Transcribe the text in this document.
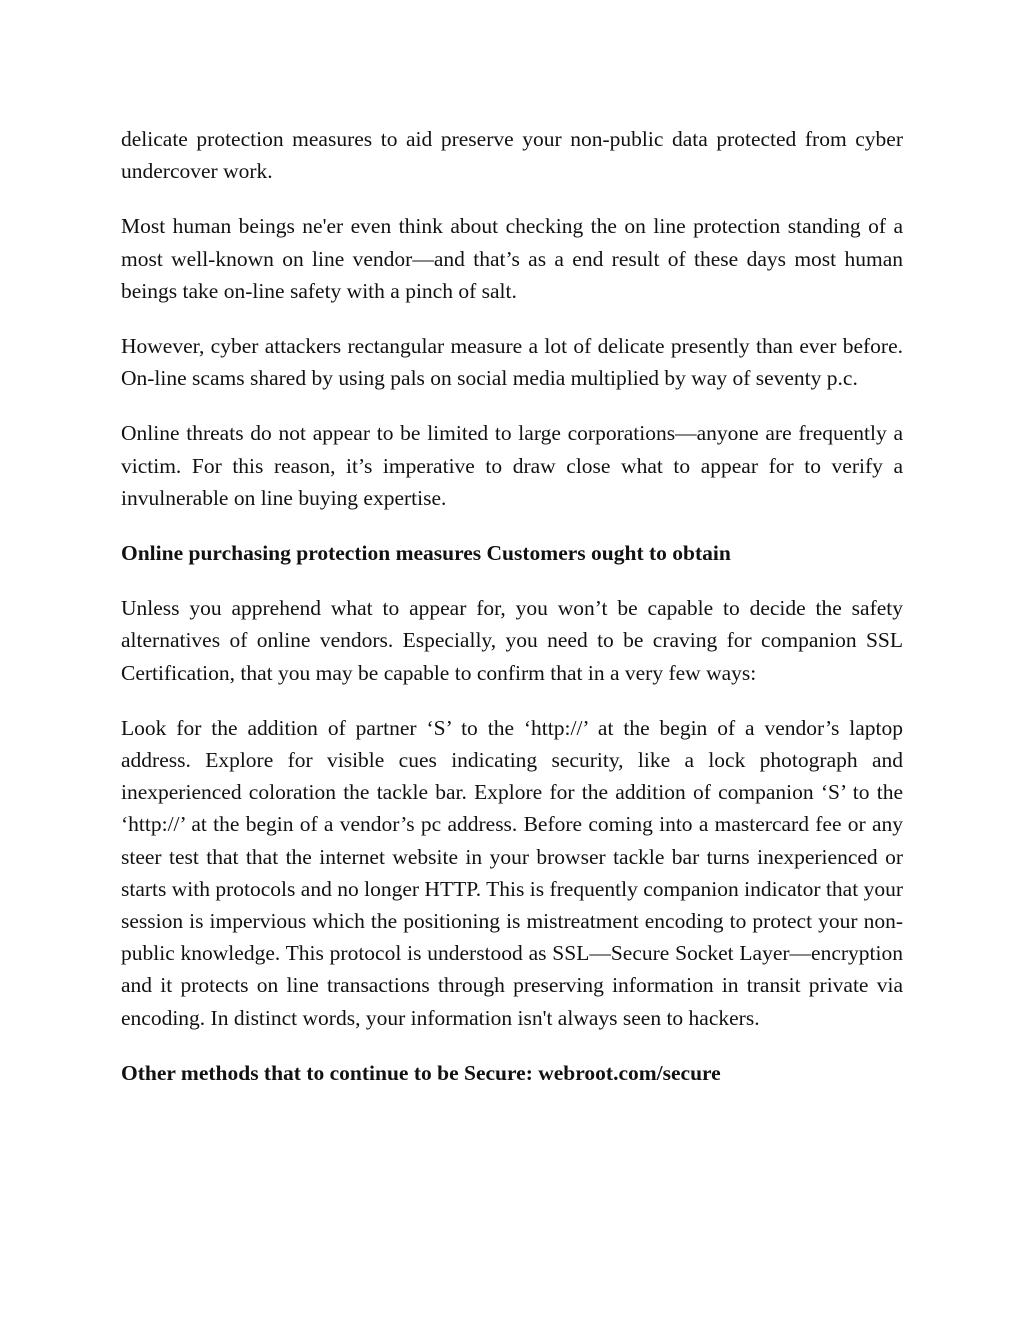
delicate protection measures to aid preserve your non-public data protected from cyber undercover work.

Most human beings ne'er even think about checking the on line protection standing of a most well-known on line vendor—and that’s as a end result of these days most human beings take on-line safety with a pinch of salt.

However, cyber attackers rectangular measure a lot of delicate presently than ever before. On-line scams shared by using pals on social media multiplied by way of seventy p.c.

Online threats do not appear to be limited to large corporations—anyone are frequently a victim. For this reason, it’s imperative to draw close what to appear for to verify a invulnerable on line buying expertise.

Online purchasing protection measures Customers ought to obtain

Unless you apprehend what to appear for, you won’t be capable to decide the safety alternatives of online vendors. Especially, you need to be craving for companion SSL Certification, that you may be capable to confirm that in a very few ways:

Look for the addition of partner ‘S’ to the ‘http://’ at the begin of a vendor’s laptop address. Explore for visible cues indicating security, like a lock photograph and inexperienced coloration the tackle bar. Explore for the addition of companion ‘S’ to the ‘http://’ at the begin of a vendor’s pc address. Before coming into a mastercard fee or any steer test that that the internet website in your browser tackle bar turns inexperienced or starts with protocols and no longer HTTP. This is frequently companion indicator that your session is impervious which the positioning is mistreatment encoding to protect your non-public knowledge. This protocol is understood as SSL—Secure Socket Layer—encryption and it protects on line transactions through preserving information in transit private via encoding. In distinct words, your information isn't always seen to hackers.

Other methods that to continue to be Secure: webroot.com/secure
